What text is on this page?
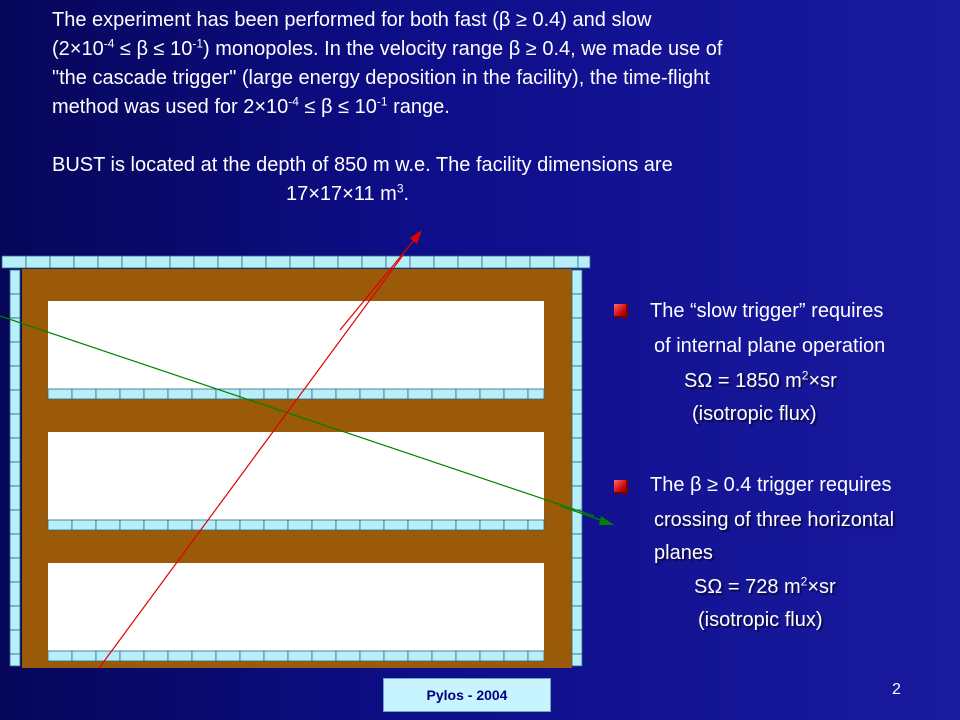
The experiment has been performed for both fast (β ≥ 0.4) and slow

$(2\times 10^{-4} \le \beta \le 10^{-1})$ monopoles. In the velocity range β ≥ 0.4, we made use of

"the cascade trigger" (large energy deposition in the facility), the time-flight

method was used for $2\times 10^{-4} \le \beta \le 10^{-1}$ range.

BUST is located at the depth of 850 m w.e. The facility dimensions are

17×17×11 $m^3$.

The “slow trigger” requires
of internal plane operation
SΩ = 1850 $m^2\times sr$
(isotropic flux)
The β ≥ 0.4 trigger requires
crossing of three horizontal
planes
SΩ = 728 $m^2\times sr$
(isotropic flux)
Pylos - 2004	2
